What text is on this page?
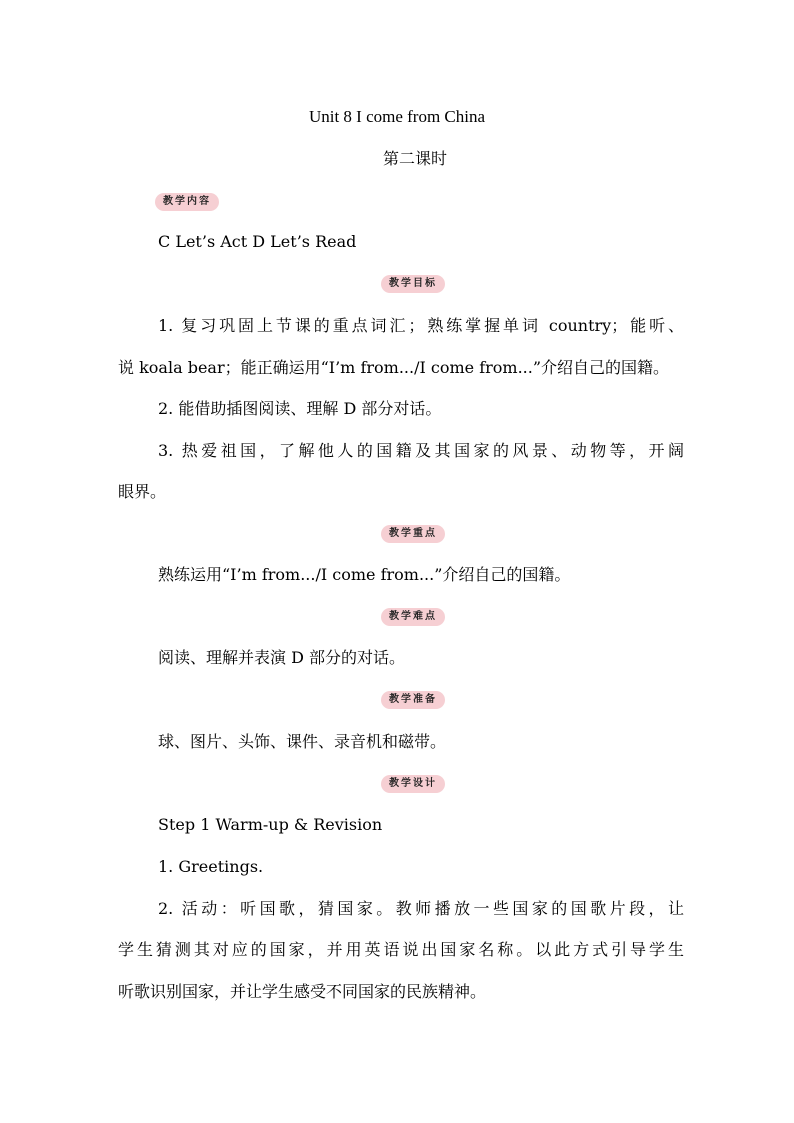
Unit 8 I come from China
第二课时
教学内容
C Let’s Act D Let’s Read
教学目标
1. 复习巩固上节课的重点词汇；熟练掌握单词 country；能听、
说 koala bear；能正确运用“I’m from.../I come from...”介绍自己的国籍。
2. 能借助插图阅读、理解 D 部分对话。
3. 热爱祖国，了解他人的国籍及其国家的风景、动物等，开阔
眼界。
教学重点
熟练运用“I’m from.../I come from...”介绍自己的国籍。
教学难点
阅读、理解并表演 D 部分的对话。
教学准备
球、图片、头饰、课件、录音机和磁带。
教学设计
Step 1 Warm-up & Revision
1. Greetings.
2. 活动：听国歌，猜国家。教师播放一些国家的国歌片段，让
学生猜测其对应的国家，并用英语说出国家名称。以此方式引导学生
听歌识别国家，并让学生感受不同国家的民族精神。
